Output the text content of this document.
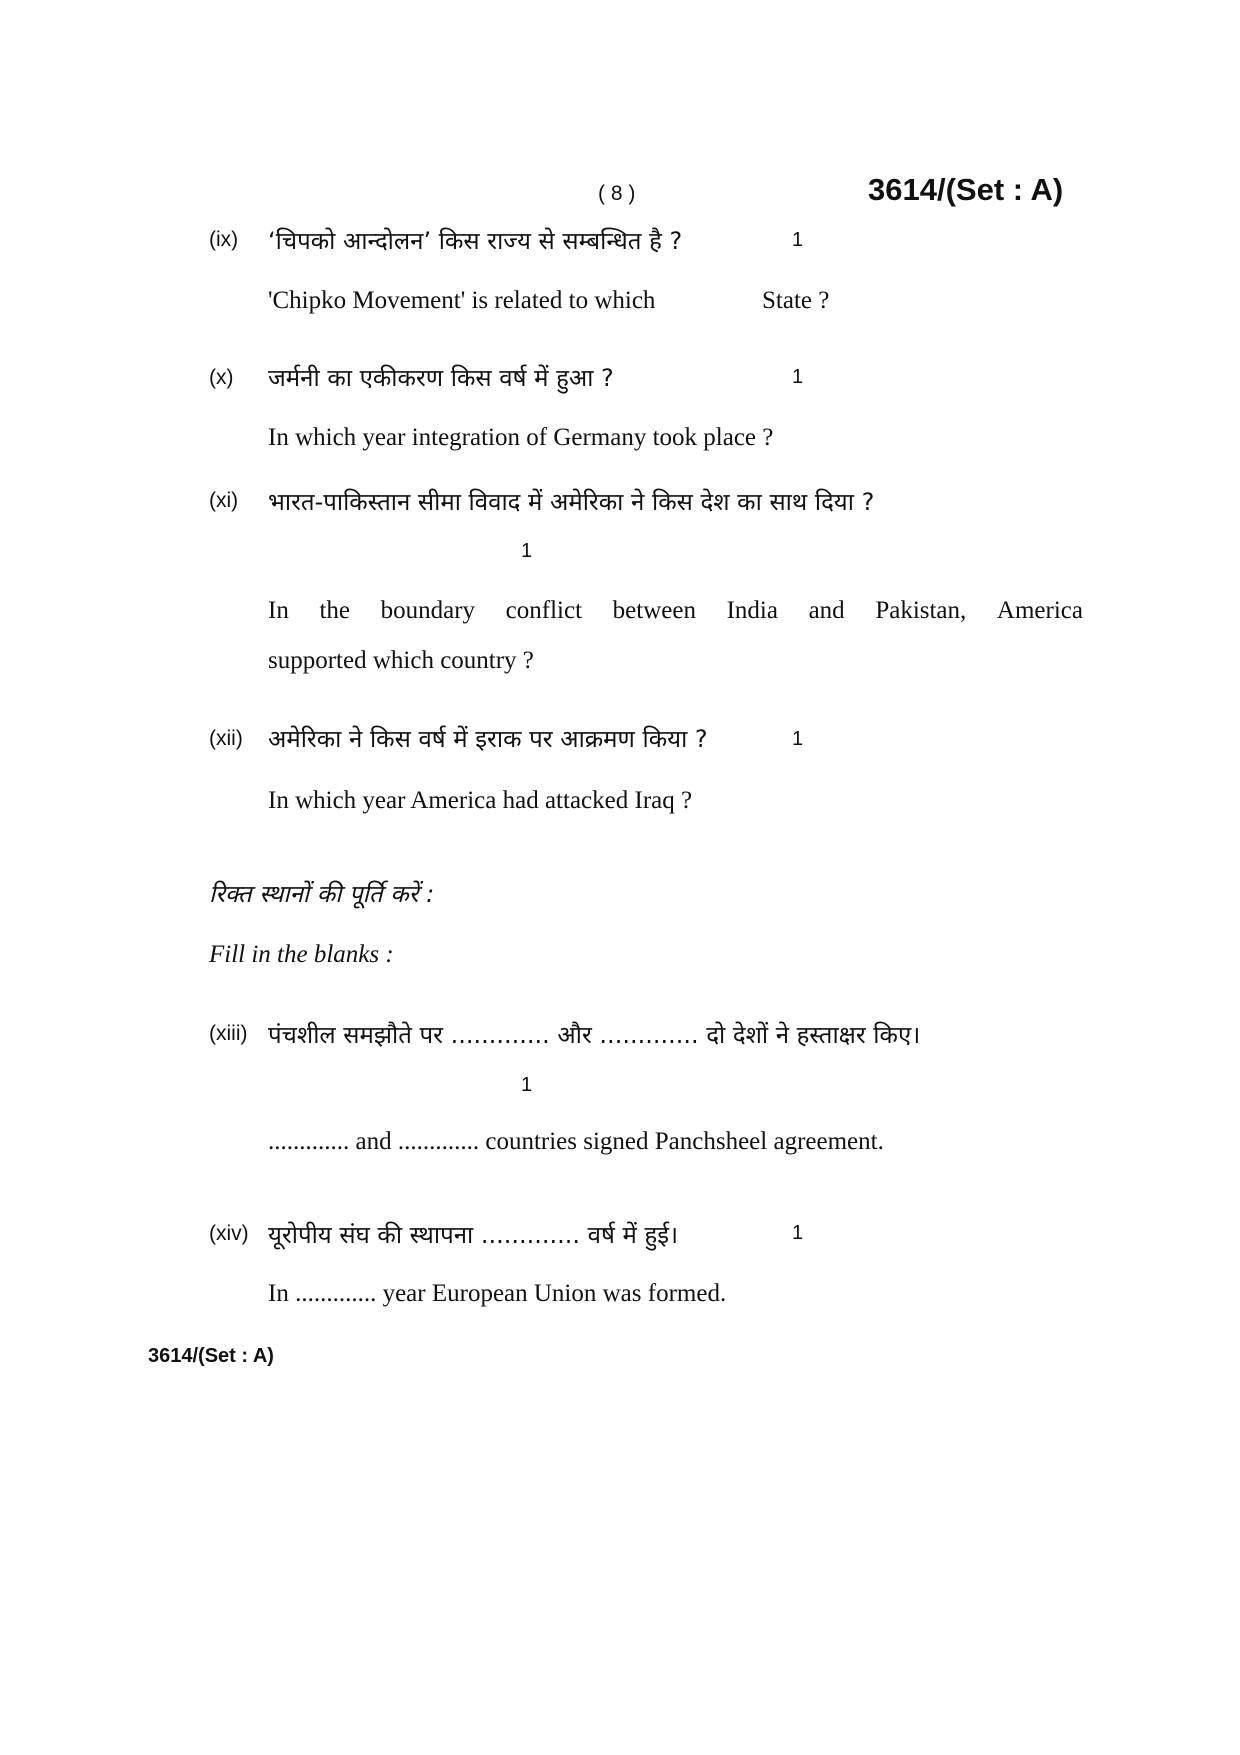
( 8 )	3614/(Set : A)
(ix) ‘चिपको आन्दोलन’ किस राज्य से सम्बन्धित है ?	1
'Chipko Movement' is related to which	State ?
(x) जर्मनी का एकीकरण किस वर्ष में हुआ ?	1
In which year integration of Germany took place ?
(xi) भारत-पाकिस्तान सीमा विवाद में अमेरिका ने किस देश का साथ दिया ?
1
In the boundary conflict between India and Pakistan, America
supported which country ?
(xii) अमेरिका ने किस वर्ष में इराक पर आक्रमण किया ?	1
In which year America had attacked Iraq ?
रिक्त स्थानों की पूर्ति करें :
Fill in the blanks :
(xiii) पंचशील समझौते पर ............. और ............. दो देशों ने हस्ताक्षर किए।
1
............. and ............. countries signed Panchsheel agreement.
(xiv) यूरोपीय संघ की स्थापना ............. वर्ष में हुई।	1
In ............. year European Union was formed.
3614/(Set : A)
